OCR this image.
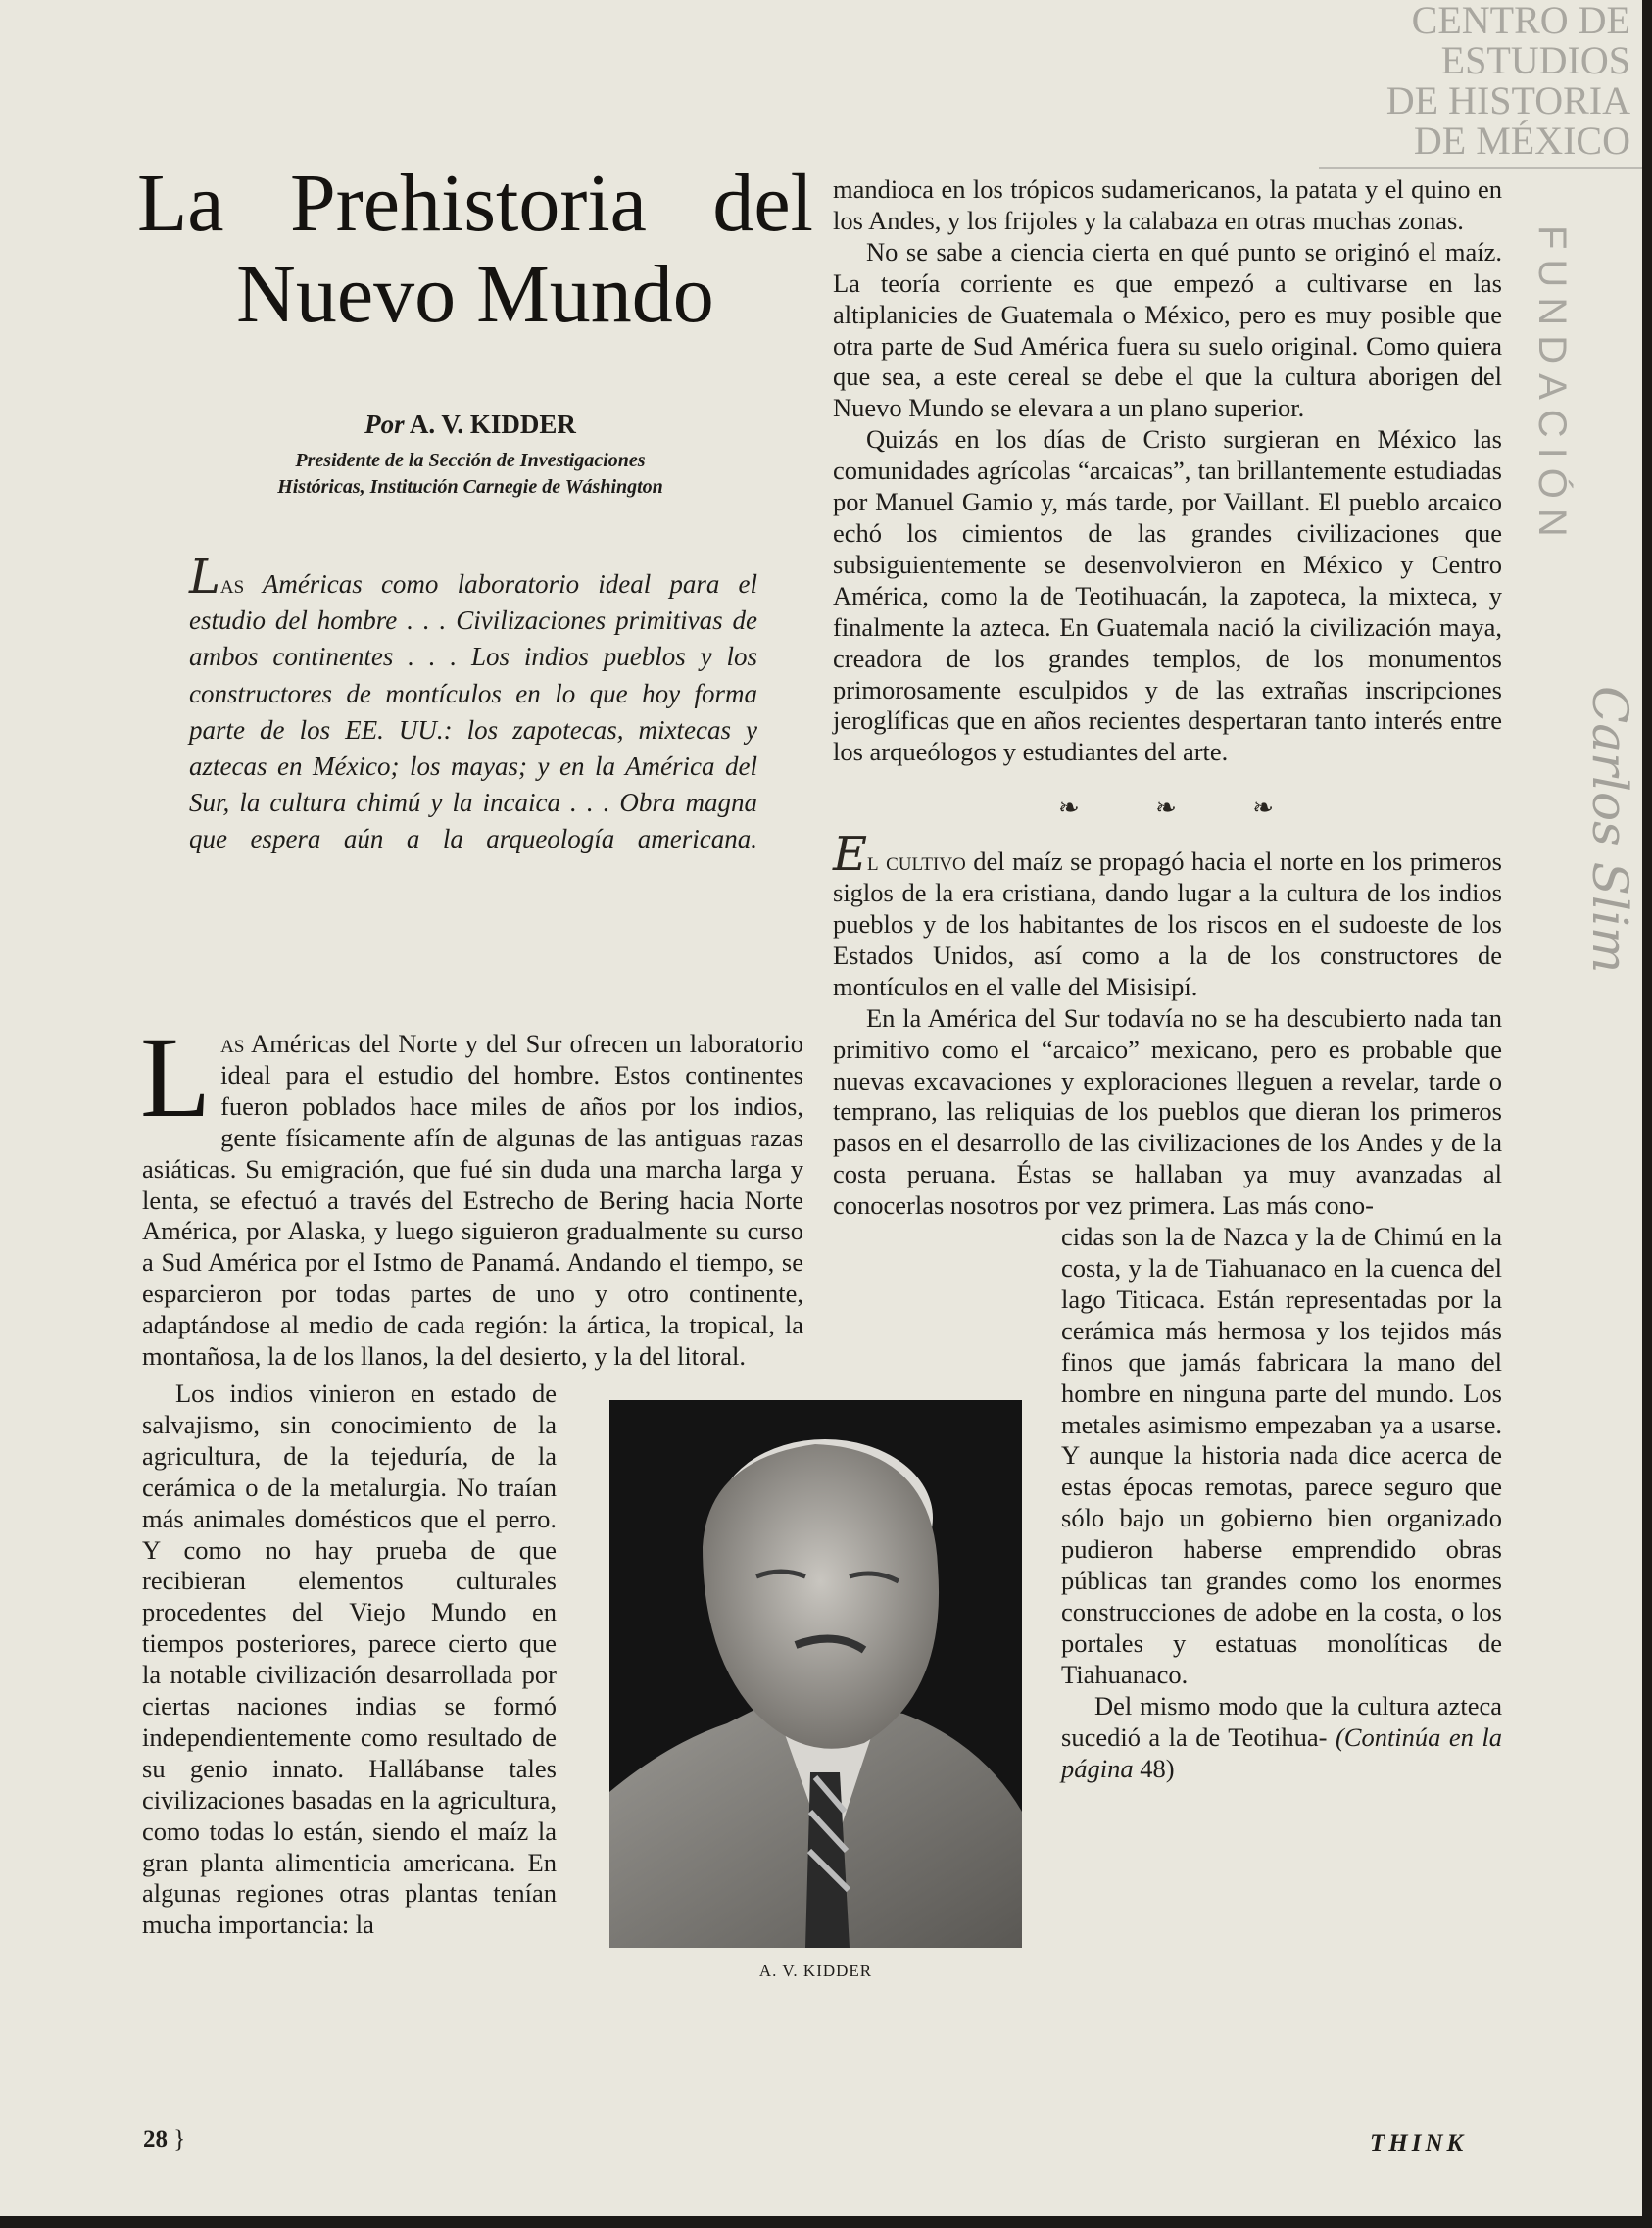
CENTRO DE
ESTUDIOS
DE HISTORIA
DE MÉXICO
FUNDACIÓN
Carlos Slim
La Prehistoria del
Nuevo Mundo
Por A. V. KIDDER
Presidente de la Sección de Investigaciones
Históricas, Institución Carnegie de Wáshington
Las Américas como laboratorio ideal para el estudio del hombre . . . Civilizaciones primitivas de ambos continentes . . . Los indios pueblos y los constructores de montículos en lo que hoy forma parte de los EE. UU.: los zapotecas, mixtecas y aztecas en México; los mayas; y en la América del Sur, la cultura chimú y la incaica . . . Obra magna que espera aún a la arqueología americana.

Las Américas del Norte y del Sur ofrecen un laboratorio ideal para el estudio del hombre. Estos continentes fueron poblados hace miles de años por los indios, gente físicamente afín de algunas de las antiguas razas asiáticas. Su emigración, que fué sin duda una marcha larga y lenta, se efectuó a través del Estrecho de Bering hacia Norte América, por Alaska, y luego siguieron gradualmente su curso a Sud América por el Istmo de Panamá. Andando el tiempo, se esparcieron por todas partes de uno y otro continente, adaptándose al medio de cada región: la ártica, la tropical, la montañosa, la de los llanos, la del desierto, y la del litoral.

Los indios vinieron en estado de salvajismo, sin conocimiento de la agricultura, de la tejeduría, de la cerámica o de la metalurgia. No traían más animales domésticos que el perro. Y como no hay prueba de que recibieran elementos culturales procedentes del Viejo Mundo en tiempos posteriores, parece cierto que la notable civilización desarrollada por ciertas naciones indias se formó independientemente como resultado de su genio innato. Hallábanse tales civilizaciones basadas en la agricultura, como todas lo están, siendo el maíz la gran planta alimenticia americana. En algunas regiones otras plantas tenían mucha importancia: la

A. V. KIDDER

mandioca en los trópicos sudamericanos, la patata y el quino en los Andes, y los frijoles y la calabaza en otras muchas zonas.

No se sabe a ciencia cierta en qué punto se originó el maíz. La teoría corriente es que empezó a cultivarse en las altiplanicies de Guatemala o México, pero es muy posible que otra parte de Sud América fuera su suelo original. Como quiera que sea, a este cereal se debe el que la cultura aborigen del Nuevo Mundo se elevara a un plano superior.

Quizás en los días de Cristo surgieran en México las comunidades agrícolas “arcaicas”, tan brillantemente estudiadas por Manuel Gamio y, más tarde, por Vaillant. El pueblo arcaico echó los cimientos de las grandes civilizaciones que subsiguientemente se desenvolvieron en México y Centro América, como la de Teotihuacán, la zapoteca, la mixteca, y finalmente la azteca. En Guatemala nació la civilización maya, creadora de los grandes templos, de los monumentos primorosamente esculpidos y de las extrañas inscripciones jeroglíficas que en años recientes despertaran tanto interés entre los arqueólogos y estudiantes del arte.

❧	❧	❧

El cultivo del maíz se propagó hacia el norte en los primeros siglos de la era cristiana, dando lugar a la cultura de los indios pueblos y de los habitantes de los riscos en el sudoeste de los Estados Unidos, así como a la de los constructores de montículos en el valle del Misisipí.

En la América del Sur todavía no se ha descubierto nada tan primitivo como el “arcaico” mexicano, pero es probable que nuevas excavaciones y exploraciones lleguen a revelar, tarde o temprano, las reliquias de los pueblos que dieran los primeros pasos en el desarrollo de las civilizaciones de los Andes y de la costa peruana. Éstas se hallaban ya muy avanzadas al conocerlas nosotros por vez primera. Las más cono-

cidas son la de Nazca y la de Chimú en la costa, y la de Tiahuanaco en la cuenca del lago Titicaca. Están representadas por la cerámica más hermosa y los tejidos más finos que jamás fabricara la mano del hombre en ninguna parte del mundo. Los metales asimismo empezaban ya a usarse. Y aunque la historia nada dice acerca de estas épocas remotas, parece seguro que sólo bajo un gobierno bien organizado pudieron haberse emprendido obras públicas tan grandes como los enormes construcciones de adobe en la costa, o los portales y estatuas monolíticas de Tiahuanaco.

Del mismo modo que la cultura azteca sucedió a la de Teotihua- (Continúa en la página 48)

28 }	THINK
